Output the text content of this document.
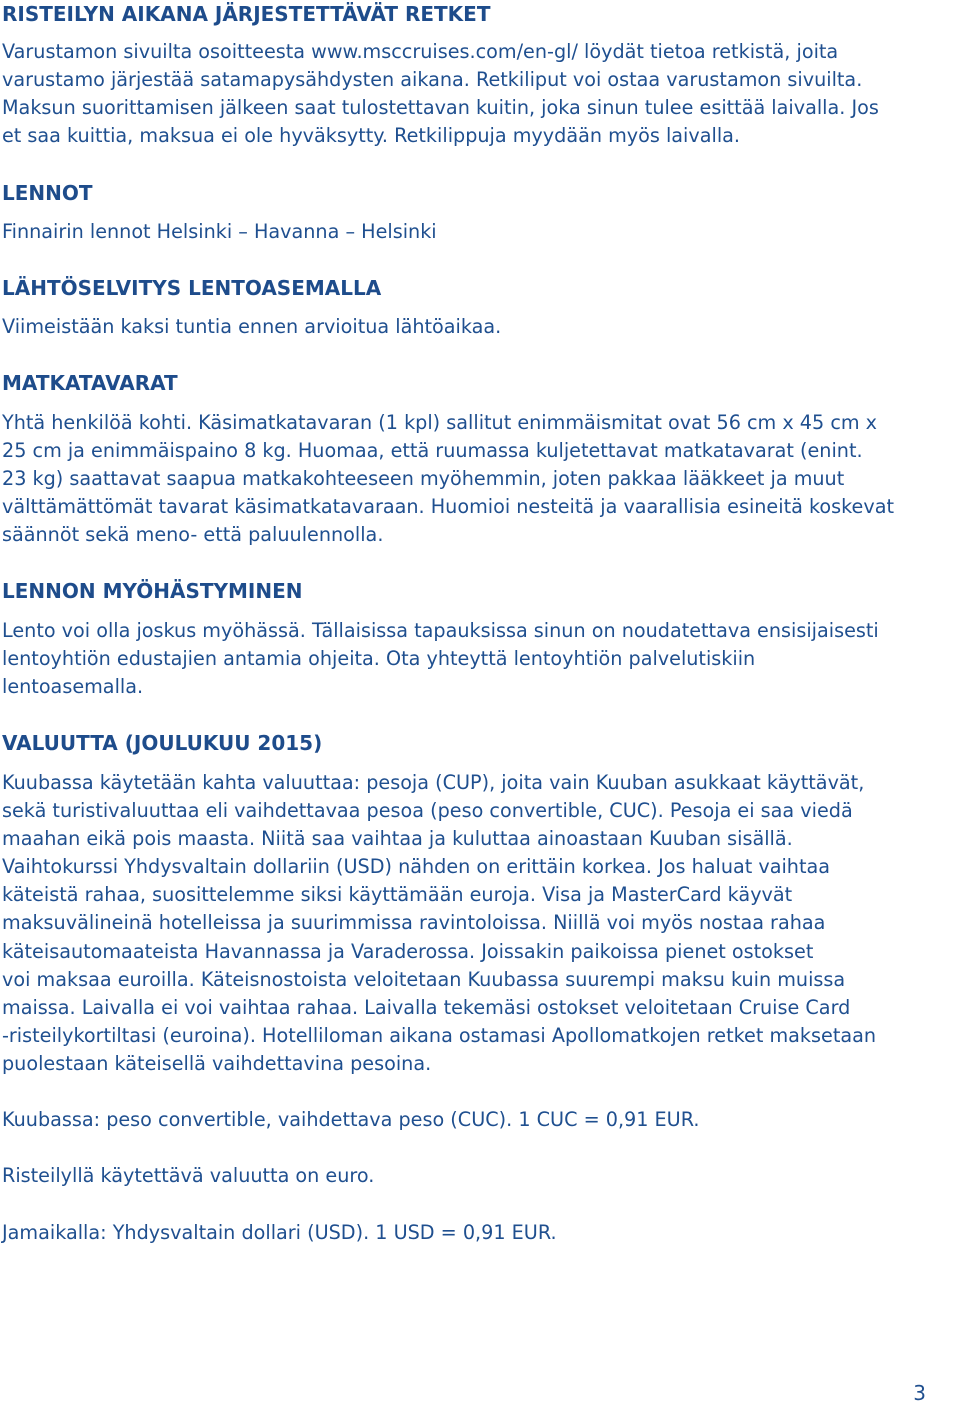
RISTEILYN AIKANA JÄRJESTETTÄVÄT RETKET

Varustamon sivuilta osoitteesta www.msccruises.com/en-gl/ löydät tietoa retkistä, joita
varustamo järjestää satamapysähdysten aikana. Retkiliput voi ostaa varustamon sivuilta.
Maksun suorittamisen jälkeen saat tulostettavan kuitin, joka sinun tulee esittää laivalla. Jos
et saa kuittia, maksua ei ole hyväksytty. Retkilippuja myydään myös laivalla.

LENNOT

Finnairin lennot Helsinki – Havanna – Helsinki

LÄHTÖSELVITYS LENTOASEMALLA

Viimeistään kaksi tuntia ennen arvioitua lähtöaikaa.

MATKATAVARAT

Yhtä henkilöä kohti. Käsimatkatavaran (1 kpl) sallitut enimmäismitat ovat 56 cm x 45 cm x
25 cm ja enimmäispaino 8 kg. Huomaa, että ruumassa kuljetettavat matkatavarat (enint.
23 kg) saattavat saapua matkakohteeseen myöhemmin, joten pakkaa lääkkeet ja muut
välttämättömät tavarat käsimatkatavaraan. Huomioi nesteitä ja vaarallisia esineitä koskevat
säännöt sekä meno- että paluulennolla.

LENNON MYÖHÄSTYMINEN

Lento voi olla joskus myöhässä. Tällaisissa tapauksissa sinun on noudatettava ensisijaisesti
lentoyhtiön edustajien antamia ohjeita. Ota yhteyttä lentoyhtiön palvelutiskiin
lentoasemalla.

VALUUTTA (JOULUKUU 2015)

Kuubassa käytetään kahta valuuttaa: pesoja (CUP), joita vain Kuuban asukkaat käyttävät,
sekä turistivaluuttaa eli vaihdettavaa pesoa (peso convertible, CUC). Pesoja ei saa viedä
maahan eikä pois maasta. Niitä saa vaihtaa ja kuluttaa ainoastaan Kuuban sisällä.
Vaihtokurssi Yhdysvaltain dollariin (USD) nähden on erittäin korkea. Jos haluat vaihtaa
käteistä rahaa, suosittelemme siksi käyttämään euroja. Visa ja MasterCard käyvät
maksuvälineinä hotelleissa ja suurimmissa ravintoloissa. Niillä voi myös nostaa rahaa
käteisautomaateista Havannassa ja Varaderossa. Joissakin paikoissa pienet ostokset
voi maksaa euroilla. Käteisnostoista veloitetaan Kuubassa suurempi maksu kuin muissa
maissa. Laivalla ei voi vaihtaa rahaa. Laivalla tekemäsi ostokset veloitetaan Cruise Card
-risteilykortiltasi (euroina). Hotelliloman aikana ostamasi Apollomatkojen retket maksetaan
puolestaan käteisellä vaihdettavina pesoina.

Kuubassa: peso convertible, vaihdettava peso (CUC). 1 CUC = 0,91 EUR.

Risteilyllä käytettävä valuutta on euro.

Jamaikalla: Yhdysvaltain dollari (USD). 1 USD = 0,91 EUR.

3
